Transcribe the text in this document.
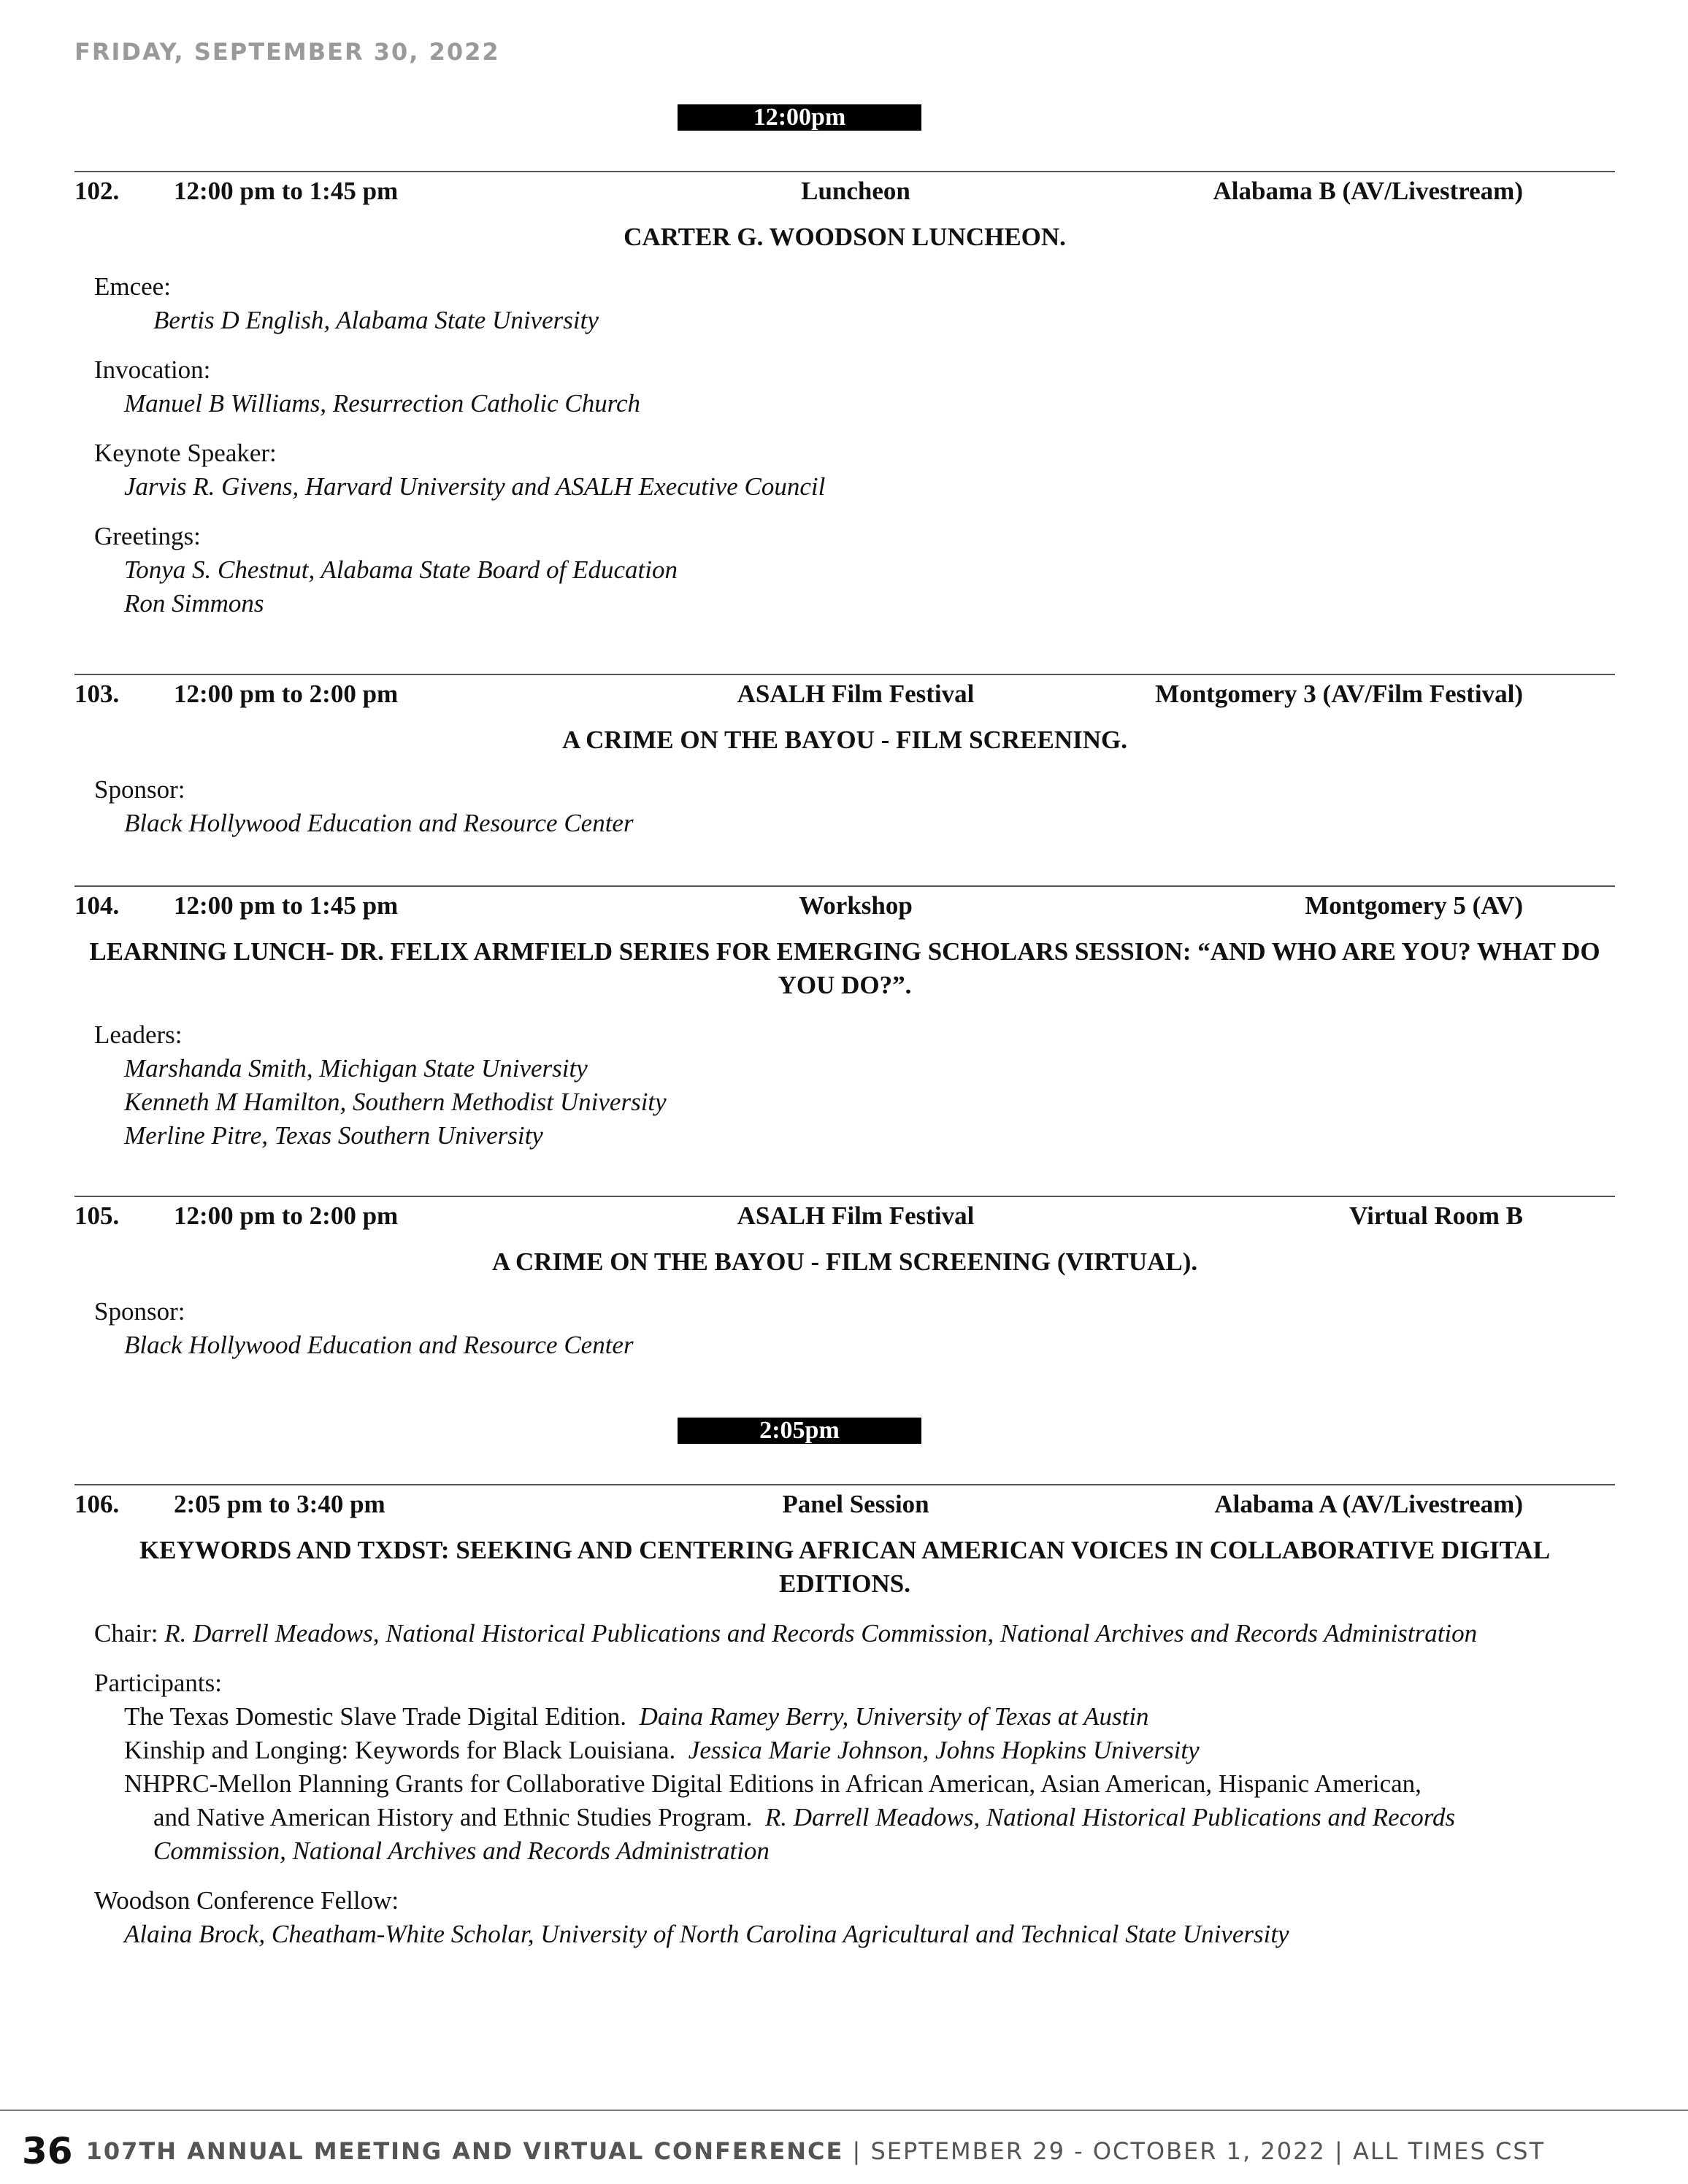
FRIDAY, SEPTEMBER 30, 2022
12:00pm
102. 12:00 pm to 1:45 pm	Luncheon	Alabama B (AV/Livestream)
CARTER G. WOODSON LUNCHEON.
Emcee:
Bertis D English, Alabama State University
Invocation:
Manuel B Williams, Resurrection Catholic Church
Keynote Speaker:
Jarvis R. Givens, Harvard University and ASALH Executive Council
Greetings:
Tonya S. Chestnut, Alabama State Board of Education
Ron Simmons
103. 12:00 pm to 2:00 pm	ASALH Film Festival	Montgomery 3 (AV/Film Festival)
A CRIME ON THE BAYOU - FILM SCREENING.
Sponsor:
Black Hollywood Education and Resource Center
104. 12:00 pm to 1:45 pm	Workshop	Montgomery 5 (AV)
LEARNING LUNCH- DR. FELIX ARMFIELD SERIES FOR EMERGING SCHOLARS SESSION: “AND WHO ARE YOU? WHAT DO YOU DO?”.
Leaders:
Marshanda Smith, Michigan State University
Kenneth M Hamilton, Southern Methodist University
Merline Pitre, Texas Southern University
105. 12:00 pm to 2:00 pm	ASALH Film Festival	Virtual Room B
A CRIME ON THE BAYOU - FILM SCREENING (VIRTUAL).
Sponsor:
Black Hollywood Education and Resource Center
2:05pm
106. 2:05 pm to 3:40 pm	Panel Session	Alabama A (AV/Livestream)
KEYWORDS AND TXDST: SEEKING AND CENTERING AFRICAN AMERICAN VOICES IN COLLABORATIVE DIGITAL EDITIONS.
Chair: R. Darrell Meadows, National Historical Publications and Records Commission, National Archives and Records Administration
Participants:
The Texas Domestic Slave Trade Digital Edition. Daina Ramey Berry, University of Texas at Austin
Kinship and Longing: Keywords for Black Louisiana. Jessica Marie Johnson, Johns Hopkins University
NHPRC-Mellon Planning Grants for Collaborative Digital Editions in African American, Asian American, Hispanic American,
and Native American History and Ethnic Studies Program. R. Darrell Meadows, National Historical Publications and Records
Commission, National Archives and Records Administration
Woodson Conference Fellow:
Alaina Brock, Cheatham-White Scholar, University of North Carolina Agricultural and Technical State University
36 107TH ANNUAL MEETING AND VIRTUAL CONFERENCE | SEPTEMBER 29 - OCTOBER 1, 2022 | ALL TIMES CST
